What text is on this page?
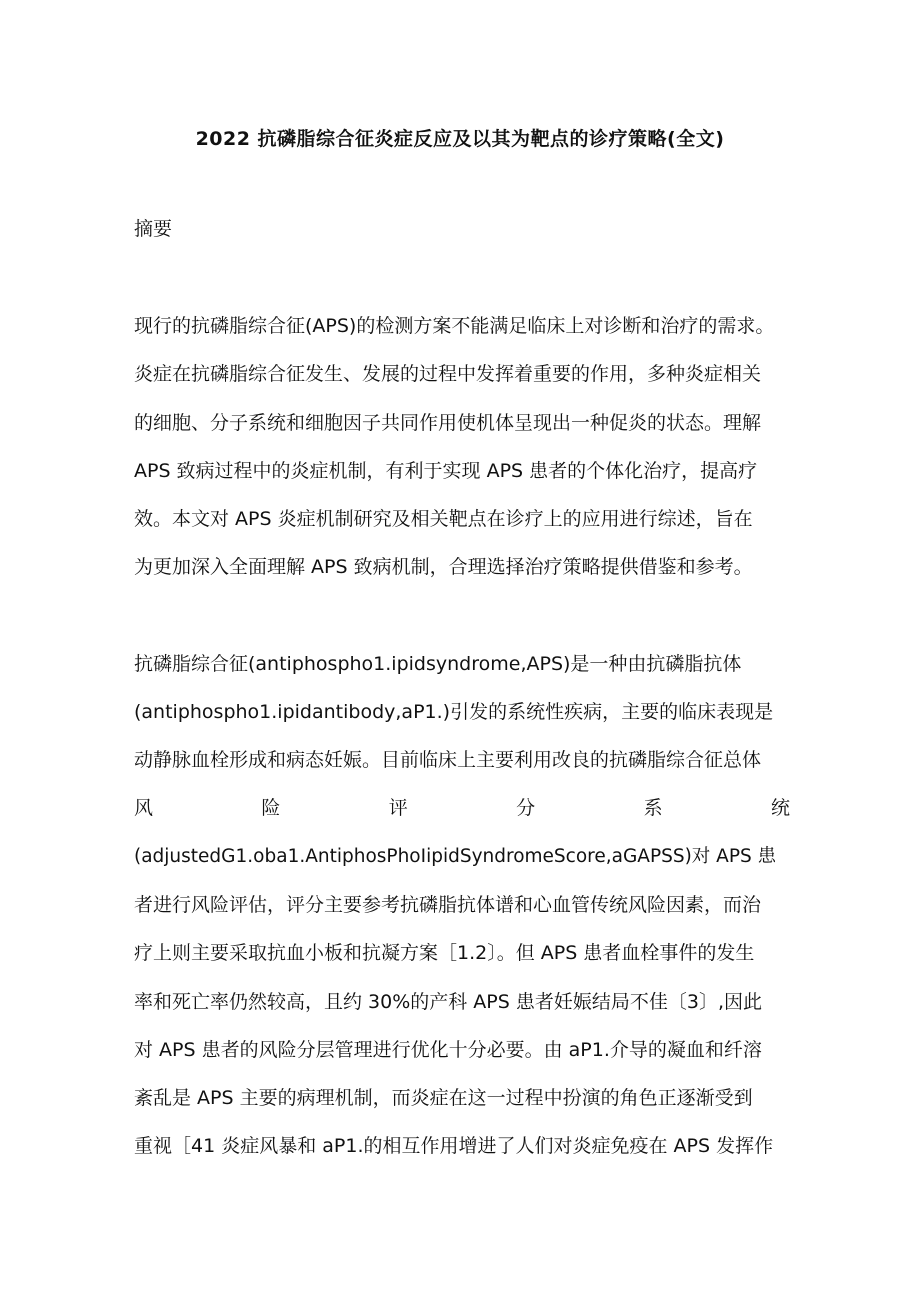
2022 抗磷脂综合征炎症反应及以其为靶点的诊疗策略(全文)
摘要
现行的抗磷脂综合征(APS)的检测方案不能满足临床上对诊断和治疗的需求。
炎症在抗磷脂综合征发生、发展的过程中发挥着重要的作用，多种炎症相关
的细胞、分子系统和细胞因子共同作用使机体呈现出一种促炎的状态。理解
APS 致病过程中的炎症机制，有利于实现 APS 患者的个体化治疗，提高疗
效。本文对 APS 炎症机制研究及相关靶点在诊疗上的应用进行综述，旨在
为更加深入全面理解 APS 致病机制，合理选择治疗策略提供借鉴和参考。
抗磷脂综合征(antiphospho1.ipidsyndrome,APS)是一种由抗磷脂抗体
(antiphospho1.ipidantibody,aP1.)引发的系统性疾病，主要的临床表现是
动静脉血栓形成和病态妊娠。目前临床上主要利用改良的抗磷脂综合征总体
风	险	评	分	系	统
(adjustedG1.oba1.AntiphosPhoIipidSyndromeScore,aGAPSS)对 APS 患
者进行风险评估，评分主要参考抗磷脂抗体谱和心血管传统风险因素，而治
疗上则主要采取抗血小板和抗凝方案［1.2〕。但 APS 患者血栓事件的发生
率和死亡率仍然较高，且约 30%的产科 APS 患者妊娠结局不佳〔3〕,因此
对 APS 患者的风险分层管理进行优化十分必要。由 aP1.介导的凝血和纤溶
紊乱是 APS 主要的病理机制，而炎症在这一过程中扮演的角色正逐渐受到
重视［41 炎症风暴和 aP1.的相互作用增进了人们对炎症免疫在 APS 发挥作
